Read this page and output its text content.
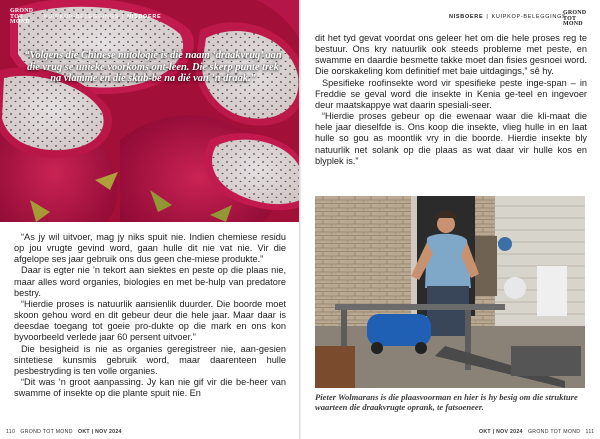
GROND
TOT
MOND
KUIPKOP-BELEGGINGS | NISBOERE
“Volgens die Chinese mitologie is die naam ‘draakvrug’ aan die vrug se unieke voorkoms ont-leen. Die skerp punte trek na vlamme en die skub-be na dié van ’n draak.”

“As jy wil uitvoer, mag jy niks spuit nie. Indien chemiese residu op jou vrugte gevind word, gaan hulle dit nie vat nie. Vir die afgelope ses jaar gebruik ons dus geen che-miese produkte.”

Daar is egter nie ’n tekort aan siektes en peste op die plaas nie, maar alles word organies, biologies en met be-hulp van predatore bestry.

“Hierdie proses is natuurlik aansienlik duurder. Die boorde moet skoon gehou word en dit gebeur deur die hele jaar. Maar daar is deesdae toegang tot goeie pro-dukte op die mark en ons kon byvoorbeeld verlede jaar 60 persent uitvoer.”

Die besigheid is nie as organies geregistreer nie, aan-gesien sintetiese kunsmis gebruik word, maar daarenteen hulle pesbestryding is ten volle organies.

“Dit was ’n groot aanpassing. Jy kan nie gif vir die be-heer van swamme of insekte op die plante spuit nie. En

110 GROND TOT MOND OKT | NOV 2024
NISBOERE | KUIPKOP-BELEGGINGS
GROND
TOT
MOND

dit het tyd gevat voordat ons geleer het om die hele proses reg te bestuur. Ons kry natuurlik ook steeds probleme met peste, en swamme en daardie besmette takke moet dan fisies gesnoei word. Die oorskakeling kom definitief met baie uitdagings,” sê hy.

Spesifieke roofinsekte word vir spesifieke peste inge-span – in Freddie se geval word die insekte in Kenia ge-teel en ingevoer deur maatskappye wat daarin spesiali-seer.

“Hierdie proses gebeur op die ewenaar waar die kli-maat die hele jaar dieselfde is. Ons koop die insekte, vlieg hulle in en laat hulle so gou as moontlik vry in die boorde. Hierdie insekte bly natuurlik net solank op die plaas as wat daar vir hulle kos en blyplek is.”

Pieter Wolmarans is die plaasvoorman en hier is hy besig om die strukture waarteen die draakvrugte oprank, te fatsoeneer.
OKT | NOV 2024 GROND TOT MOND 111
